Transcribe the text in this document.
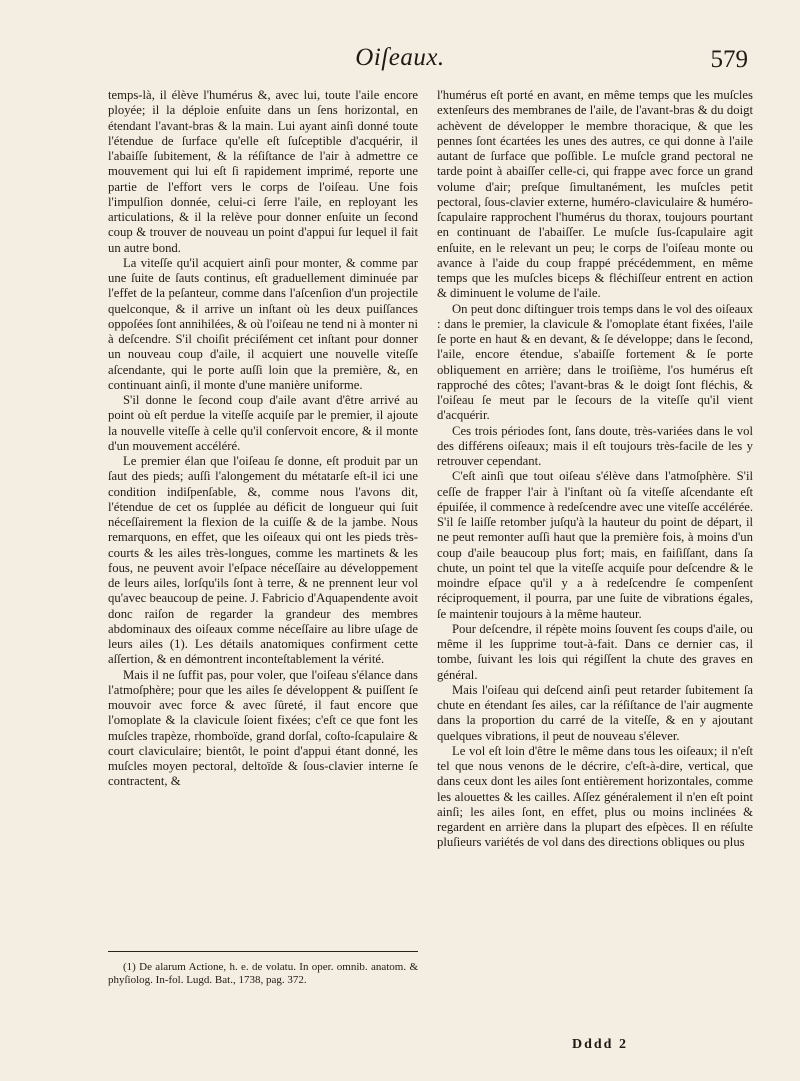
Oiſeaux.	579

temps-là, il élève l'humérus &, avec lui, toute l'aile encore ployée; il la déploie enſuite dans un ſens horizontal, en étendant l'avant-bras & la main. Lui ayant ainſi donné toute l'étendue de ſurface qu'elle eſt ſuſceptible d'acquérir, il l'abaiſſe ſubitement, & la réſiſtance de l'air à admettre ce mouvement qui lui eſt ſi rapidement imprimé, reporte une partie de l'effort vers le corps de l'oiſeau. Une fois l'impulſion donnée, celui-ci ſerre l'aile, en reployant les articulations, & il la relève pour donner enſuite un ſecond coup & trouver de nouveau un point d'appui ſur lequel il fait un autre bond.

La viteſſe qu'il acquiert ainſi pour monter, & comme par une ſuite de ſauts continus, eſt graduellement diminuée par l'effet de la peſanteur, comme dans l'aſcenſion d'un projectile quelconque, & il arrive un inſtant où les deux puiſſances oppoſées ſont annihilées, & où l'oiſeau ne tend ni à monter ni à deſcendre. S'il choiſit préciſément cet inſtant pour donner un nouveau coup d'aile, il acquiert une nouvelle viteſſe aſcendante, qui le porte auſſi loin que la première, &, en continuant ainſi, il monte d'une manière uniforme.

S'il donne le ſecond coup d'aile avant d'être arrivé au point où eſt perdue la viteſſe acquiſe par le premier, il ajoute la nouvelle viteſſe à celle qu'il conſervoit encore, & il monte d'un mouvement accéléré.

Le premier élan que l'oiſeau ſe donne, eſt produit par un ſaut des pieds; auſſi l'alongement du métatarſe eſt-il ici une condition indiſpenſable, &, comme nous l'avons dit, l'étendue de cet os ſupplée au déficit de longueur qui ſuit néceſſairement la flexion de la cuiſſe & de la jambe. Nous remarquons, en effet, que les oiſeaux qui ont les pieds très-courts & les ailes très-longues, comme les martinets & les fous, ne peuvent avoir l'eſpace néceſſaire au développement de leurs ailes, lorſqu'ils ſont à terre, & ne prennent leur vol qu'avec beaucoup de peine. J. Fabricio d'Aquapendente avoit donc raiſon de regarder la grandeur des membres abdominaux des oiſeaux comme néceſſaire au libre uſage de leurs ailes (1). Les détails anatomiques confirment cette aſſertion, & en démontrent inconteſtablement la vérité.

Mais il ne ſuffit pas, pour voler, que l'oiſeau s'élance dans l'atmoſphère; pour que les ailes ſe développent & puiſſent ſe mouvoir avec force & avec ſûreté, il faut encore que l'omoplate & la clavicule ſoient fixées; c'eſt ce que font les muſcles trapèze, rhomboïde, grand dorſal, coſto-ſcapulaire & court claviculaire; bientôt, le point d'appui étant donné, les muſcles moyen pectoral, deltoïde & ſous-clavier interne ſe contractent, &

(1) De alarum Actione, h. e. de volatu. In oper. omnib. anatom. & phyſiolog. In-fol. Lugd. Bat., 1738, pag. 372.

l'humérus eſt porté en avant, en même temps que les muſcles extenſeurs des membranes de l'aile, de l'avant-bras & du doigt achèvent de développer le membre thoracique, & que les pennes ſont écartées les unes des autres, ce qui donne à l'aile autant de ſurface que poſſible. Le muſcle grand pectoral ne tarde point à abaiſſer celle-ci, qui frappe avec force un grand volume d'air; preſque ſimultanément, les muſcles petit pectoral, ſous-clavier externe, huméro-claviculaire & huméro-ſcapulaire rapprochent l'humérus du thorax, toujours pourtant en continuant de l'abaiſſer. Le muſcle ſus-ſcapulaire agit enſuite, en le relevant un peu; le corps de l'oiſeau monte ou avance à l'aide du coup frappé précédemment, en même temps que les muſcles biceps & fléchiſſeur entrent en action & diminuent le volume de l'aile.

On peut donc diſtinguer trois temps dans le vol des oiſeaux : dans le premier, la clavicule & l'omoplate étant fixées, l'aile ſe porte en haut & en devant, & ſe développe; dans le ſecond, l'aile, encore étendue, s'abaiſſe fortement & ſe porte obliquement en arrière; dans le troiſième, l'os humérus eſt rapproché des côtes; l'avant-bras & le doigt ſont fléchis, & l'oiſeau ſe meut par le ſecours de la viteſſe qu'il vient d'acquérir.

Ces trois périodes ſont, ſans doute, très-variées dans le vol des différens oiſeaux; mais il eſt toujours très-facile de les y retrouver cependant.

C'eſt ainſi que tout oiſeau s'élève dans l'atmoſphère. S'il ceſſe de frapper l'air à l'inſtant où ſa viteſſe aſcendante eſt épuiſée, il commence à redeſcendre avec une viteſſe accélérée. S'il ſe laiſſe retomber juſqu'à la hauteur du point de départ, il ne peut remonter auſſi haut que la première fois, à moins d'un coup d'aile beaucoup plus fort; mais, en faiſiſſant, dans ſa chute, un point tel que la viteſſe acquiſe pour deſcendre & le moindre eſpace qu'il y a à redeſcendre ſe compenſent réciproquement, il pourra, par une ſuite de vibrations égales, ſe maintenir toujours à la même hauteur.

Pour deſcendre, il répète moins ſouvent ſes coups d'aile, ou même il les ſupprime tout-à-fait. Dans ce dernier cas, il tombe, ſuivant les lois qui régiſſent la chute des graves en général.

Mais l'oiſeau qui deſcend ainſi peut retarder ſubitement ſa chute en étendant ſes ailes, car la réſiſtance de l'air augmente dans la proportion du carré de la viteſſe, & en y ajoutant quelques vibrations, il peut de nouveau s'élever.

Le vol eſt loin d'être le même dans tous les oiſeaux; il n'eſt tel que nous venons de le décrire, c'eſt-à-dire, vertical, que dans ceux dont les ailes ſont entièrement horizontales, comme les alouettes & les cailles. Aſſez généralement il n'en eſt point ainſi; les ailes ſont, en effet, plus ou moins inclinées & regardent en arrière dans la plupart des eſpèces. Il en réſulte pluſieurs variétés de vol dans des directions obliques ou plus

Dddd 2
